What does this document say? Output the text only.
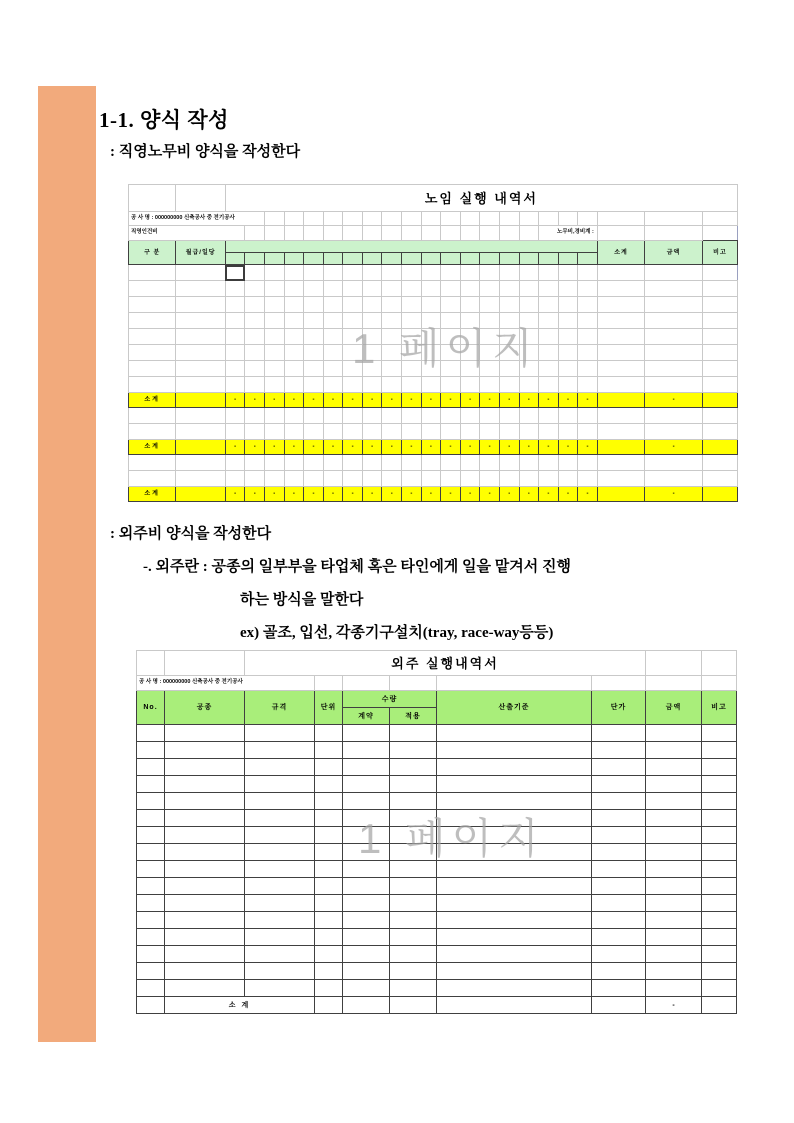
1-1. 양식 작성
: 직영노무비 양식을 작성한다
		노임 실행 내역서																					
공 사 명 : 000000000 신축공사 중 전기공사																							
직영인건비																		노무비,경비계 :					
구 분	월급/일당																				소계	금액	비고

소계		-	-	-	-	-	-	-	-	-	-	-	-	-	-	-	-	-	-	-		-	

소계		-	-	-	-	-	-	-	-	-	-	-	-	-	-	-	-	-	-	-		-	

소계		-	-	-	-	-	-	-	-	-	-	-	-	-	-	-	-	-	-	-		-	
1 페이지
: 외주비 양식을 작성한다
-. 외주란 : 공종의 일부부을 타업체 혹은 타인에게 일을 맡겨서 진행
하는 방식을 말한다
ex) 골조, 입선, 각종기구설치(tray, race-way등등)
		외주 실행내역서							
공 사 명 : 000000000 신축공사 중 전기공사									
No.	공종	규격	단위	수량		산출기준	단가	금액	비고
				계약	적용				

	소 계							-	
1 페이지
